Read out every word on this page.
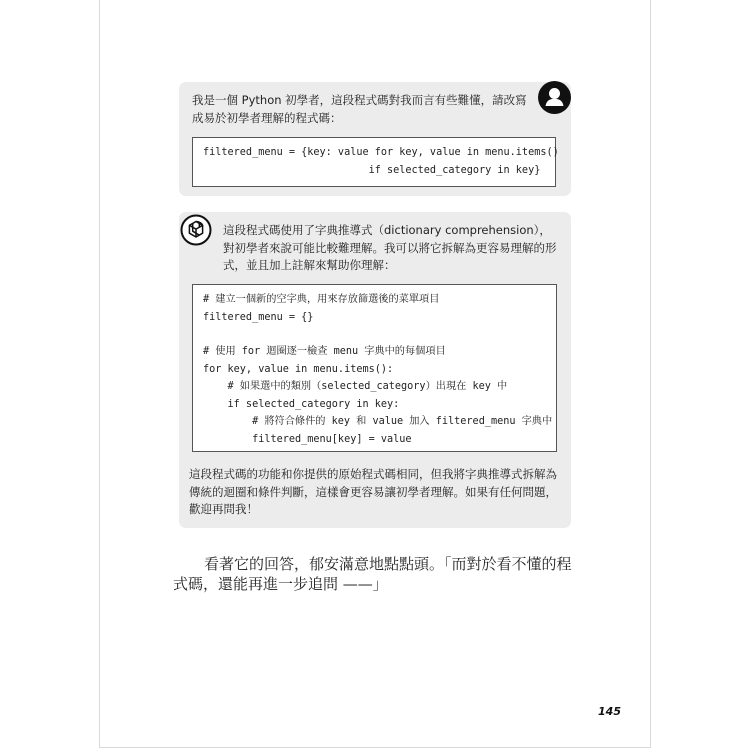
我是一個 Python 初學者，這段程式碼對我而言有些難懂，請改寫成易於初學者理解的程式碼：

filtered_menu = {key: value for key, value in menu.items()
if selected_category in key}

這段程式碼使用了字典推導式（dictionary comprehension），對初學者來說可能比較難理解。我可以將它拆解為更容易理解的形式，並且加上註解來幫助你理解：

# 建立一個新的空字典，用來存放篩選後的菜單項目
filtered_menu = {}
# 使用 for 迴圈逐一檢查 menu 字典中的每個項目
for key, value in menu.items():
# 如果選中的類別（selected_category）出現在 key 中
if selected_category in key:
# 將符合條件的 key 和 value 加入 filtered_menu 字典中
filtered_menu[key] = value

這段程式碼的功能和你提供的原始程式碼相同，但我將字典推導式拆解為傳統的迴圈和條件判斷，這樣會更容易讓初學者理解。如果有任何問題，歡迎再問我！

看著它的回答，郁安滿意地點點頭。「而對於看不懂的程式碼，還能再進一步追問 ——」

145
